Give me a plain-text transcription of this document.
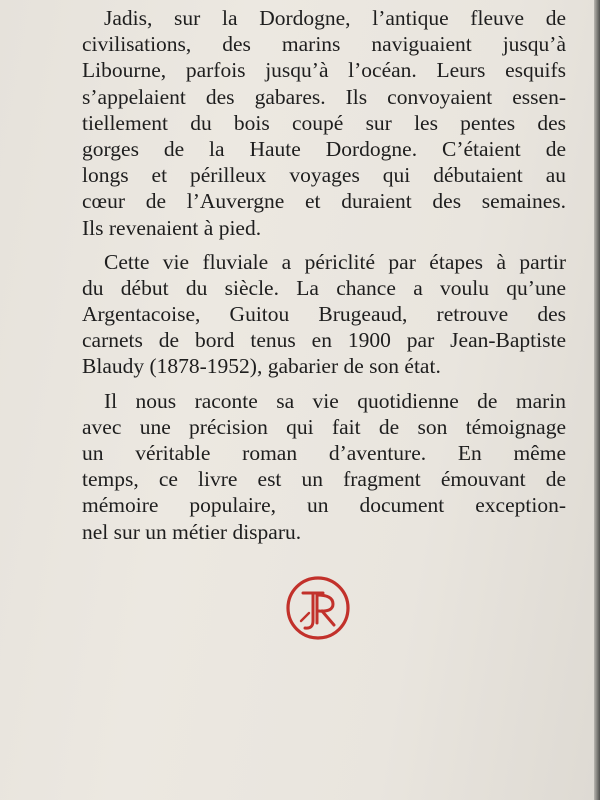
Jadis, sur la Dordogne, l’antique fleuve de
civilisations, des marins naviguaient jusqu’à
Libourne, parfois jusqu’à l’océan. Leurs esquifs
s’appelaient des gabares. Ils convoyaient essen-
tiellement du bois coupé sur les pentes des
gorges de la Haute Dordogne. C’étaient de
longs et périlleux voyages qui débutaient au
cœur de l’Auvergne et duraient des semaines.
Ils revenaient à pied.
Cette vie fluviale a périclité par étapes à partir
du début du siècle. La chance a voulu qu’une
Argentacoise, Guitou Brugeaud, retrouve des
carnets de bord tenus en 1900 par Jean-Baptiste
Blaudy (1878-1952), gabarier de son état.
Il nous raconte sa vie quotidienne de marin
avec une précision qui fait de son témoignage
un véritable roman d’aventure. En même
temps, ce livre est un fragment émouvant de
mémoire populaire, un document exception-
nel sur un métier disparu.
